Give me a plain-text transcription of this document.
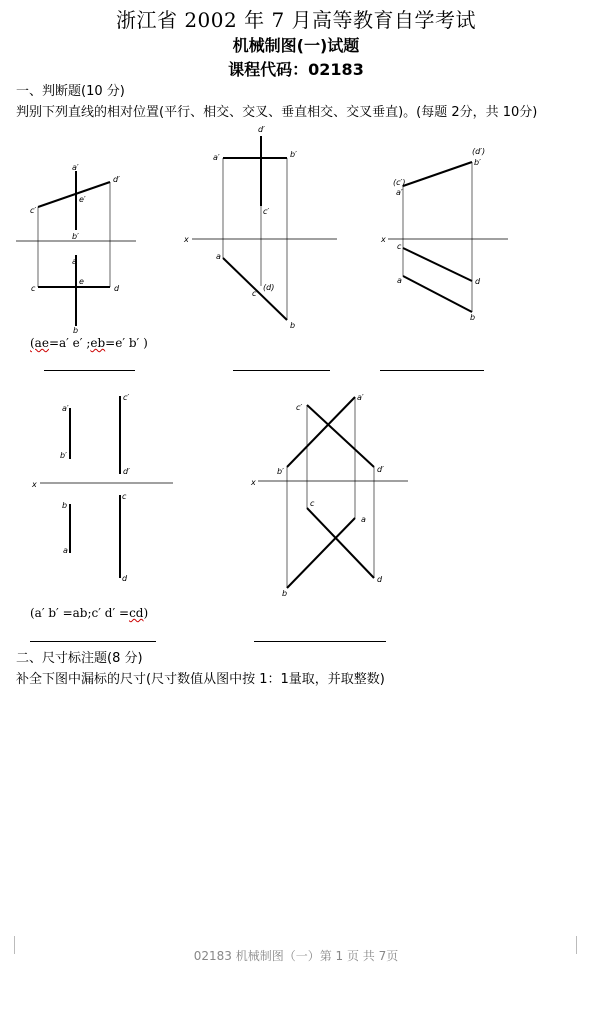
浙江省 2002 年 7 月高等教育自学考试
机械制图(一)试题
课程代码：02183
一、判断题(10 分)
判别下列直线的相对位置(平行、相交、交叉、垂直相交、交叉垂直)。(每题 2分，共 10分)
a′
d′
c′
e′
b′
a
e
c	d
b
d′
a′	b′
c′
x
a
(d)
c
b
(d′)
b′
(c′)
a′
x
c
a	d
b
a′
c′
b′
d′
x
b
c
a
d
c′
a′
b′	d′
x
c
a
d
b
(ae=a′ e′ ;eb=e′ b′ )
(a′ b′ =ab;c′ d′ =cd)
二、尺寸标注题(8 分)
补全下图中漏标的尺寸(尺寸数值从图中按 1：1量取，并取整数)
02183 机械制图（一）第 1 页 共 7页
